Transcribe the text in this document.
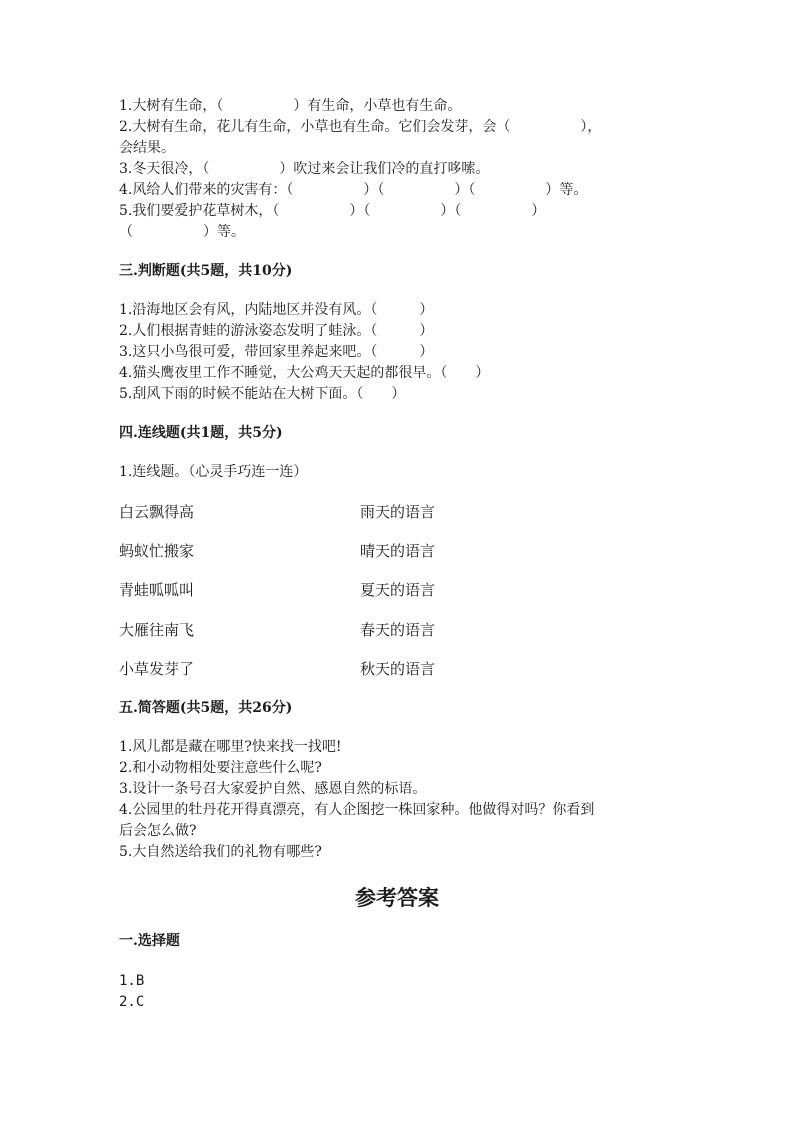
1.大树有生命，（　　　　　）有生命，小草也有生命。
2.大树有生命，花儿有生命，小草也有生命。它们会发芽，会（　　　　　），
会结果。
3.冬天很冷，（　　　　　）吹过来会让我们冷的直打哆嗦。
4.风给人们带来的灾害有：（　　　　　）（　　　　　）（　　　　　）等。
5.我们要爱护花草树木，（　　　　　）（　　　　　）（　　　　　）
（　　　　　）等。
三.判断题(共5题，共10分)
1.沿海地区会有风，内陆地区并没有风。（　　　）
2.人们根据青蛙的游泳姿态发明了蛙泳。（　　　）
3.这只小鸟很可爱，带回家里养起来吧。（　　　）
4.猫头鹰夜里工作不睡觉，大公鸡天天起的都很早。（　　）
5.刮风下雨的时候不能站在大树下面。（　　）
四.连线题(共1题，共5分)
1.连线题。（心灵手巧连一连）
白云飘得高	雨天的语言
蚂蚁忙搬家	晴天的语言
青蛙呱呱叫	夏天的语言
大雁往南飞	春天的语言
小草发芽了	秋天的语言
五.简答题(共5题，共26分)
1.风儿都是藏在哪里?快来找一找吧!
2.和小动物相处要注意些什么呢?
3.设计一条号召大家爱护自然、感恩自然的标语。
4.公园里的牡丹花开得真漂亮，有人企图挖一株回家种。他做得对吗？你看到
后会怎么做?
5.大自然送给我们的礼物有哪些?
参考答案
一.选择题
1.B
2.C
